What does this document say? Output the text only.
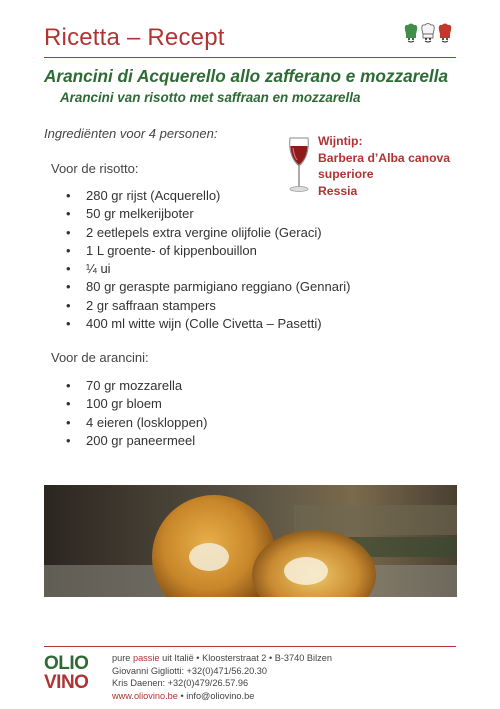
Ricetta – Recept
Arancini di Acquerello allo zafferano e mozzarella
Arancini van risotto met saffraan en mozzarella
Ingrediënten voor 4 personen:	Wijntip:
Barbera d’Alba canova
superiore
Ressia
Voor de risotto:
• 280 gr rijst (Acquerello)
• 50 gr melkerijboter
• 2 eetlepels extra vergine olijfolie (Geraci)
• 1 L groente- of kippenbouillon
• ¼ ui
• 80 gr geraspte parmigiano reggiano (Gennari)
• 2 gr saffraan stampers
• 400 ml witte wijn (Colle Civetta – Pasetti)
Voor de arancini:
• 70 gr mozzarella
• 100 gr bloem
• 4 eieren (loskloppen)
• 200 gr paneermeel
OLIO
VINO
pure passie uit Italië • Kloosterstraat 2 • B-3740 Bilzen
Giovanni Gigliotti: +32(0)471/56.20.30
Kris Daenen: +32(0)479/26.57.96
www.oliovino.be • info@oliovino.be
